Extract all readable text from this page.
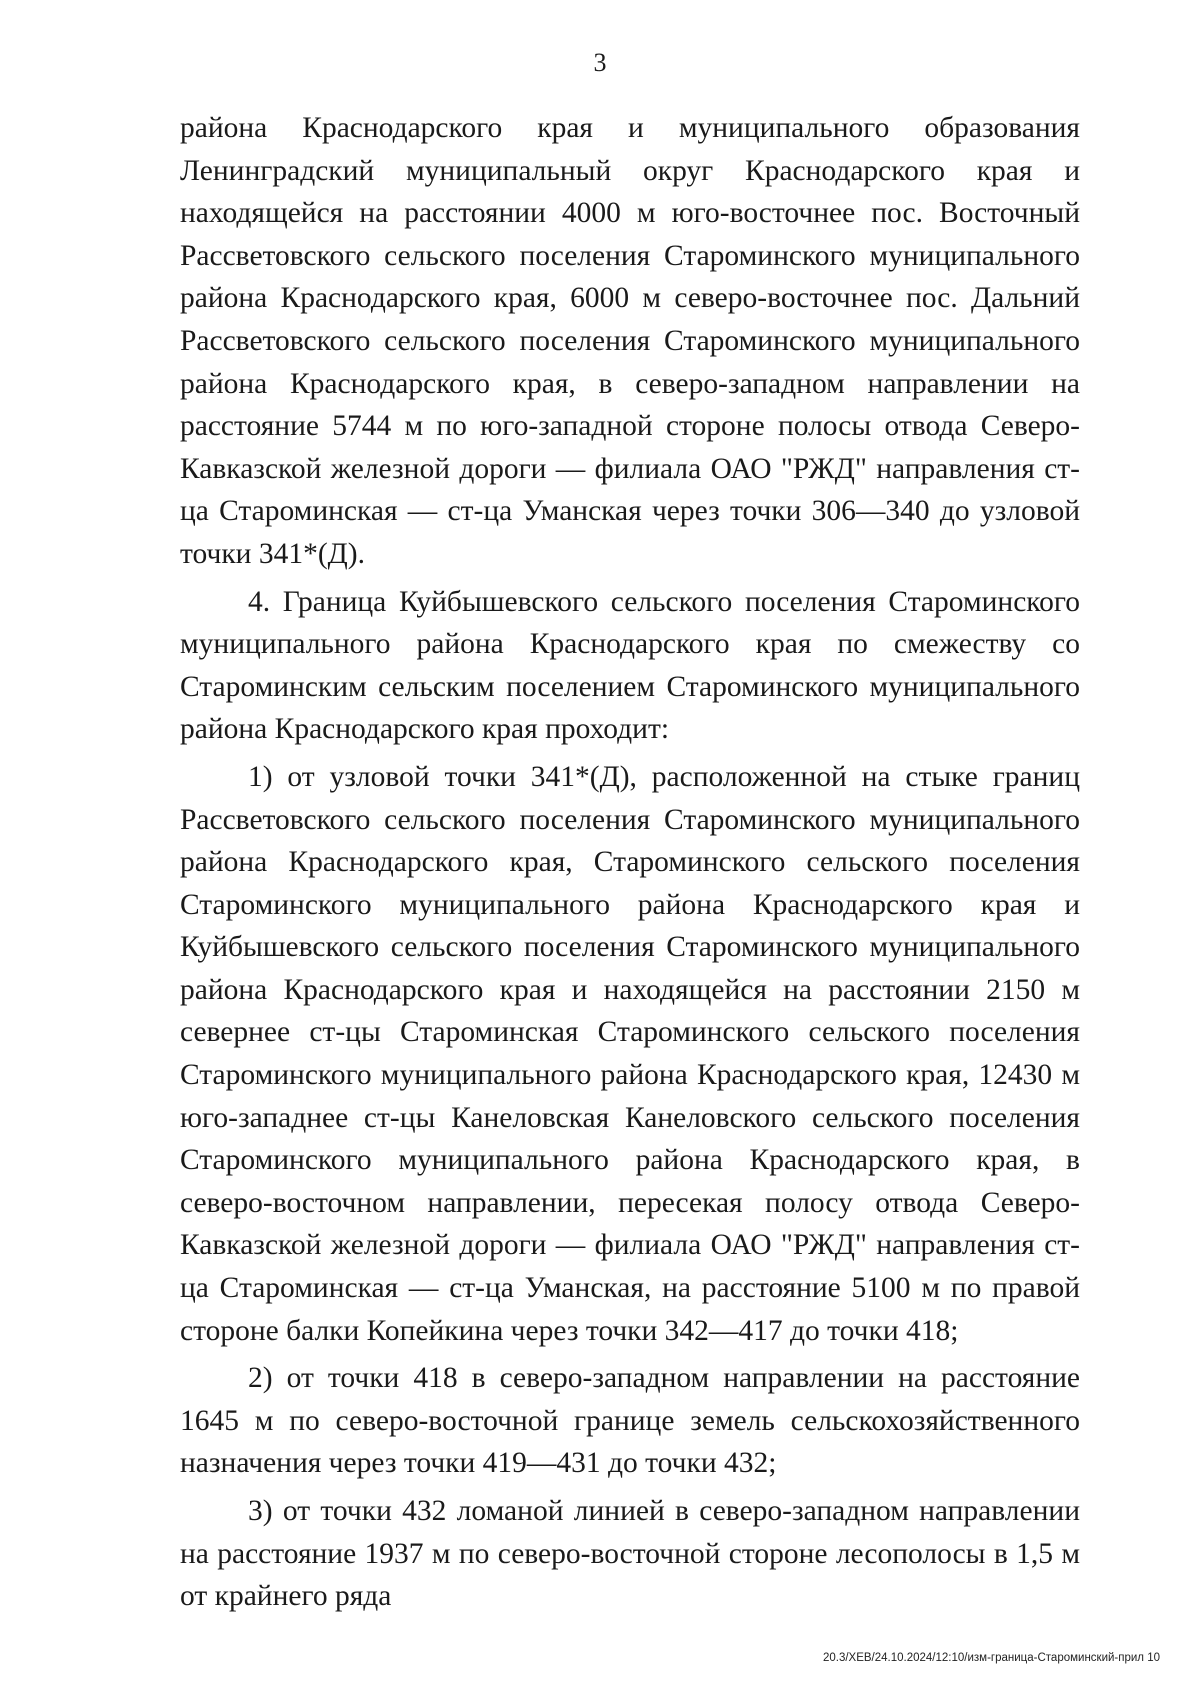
3

района Краснодарского края и муниципального образования Ленинградский муниципальный округ Краснодарского края и находящейся на расстоянии 4000 м юго-восточнее пос. Восточный Рассветовского сельского поселения Староминского муниципального района Краснодарского края, 6000 м северо-восточнее пос. Дальний Рассветовского сельского поселения Староминского муниципального района Краснодарского края, в северо-западном направлении на расстояние 5744 м по юго-западной стороне полосы отвода Северо-Кавказской железной дороги — филиала ОАО "РЖД" направления ст-ца Староминская — ст-ца Уманская через точки 306—340 до узловой точки 341*(Д).

4. Граница Куйбышевского сельского поселения Староминского муниципального района Краснодарского края по смежеству со Староминским сельским поселением Староминского муниципального района Краснодарского края проходит:

1) от узловой точки 341*(Д), расположенной на стыке границ Рассветовского сельского поселения Староминского муниципального района Краснодарского края, Староминского сельского поселения Староминского муниципального района Краснодарского края и Куйбышевского сельского поселения Староминского муниципального района Краснодарского края и находящейся на расстоянии 2150 м севернее ст-цы Староминская Староминского сельского поселения Староминского муниципального района Краснодарского края, 12430 м юго-западнее ст-цы Канеловская Канеловского сельского поселения Староминского муниципального района Краснодарского края, в северо-восточном направлении, пересекая полосу отвода Северо-Кавказской железной дороги — филиала ОАО "РЖД" направления ст-ца Староминская — ст-ца Уманская, на расстояние 5100 м по правой стороне балки Копейкина через точки 342—417 до точки 418;

2) от точки 418 в северо-западном направлении на расстояние 1645 м по северо-восточной границе земель сельскохозяйственного назначения через точки 419—431 до точки 432;

3) от точки 432 ломаной линией в северо-западном направлении на расстояние 1937 м по северо-восточной стороне лесополосы в 1,5 м от крайнего ряда

20.3/ХЕВ/24.10.2024/12:10/изм-граница-Староминский-прил 10
